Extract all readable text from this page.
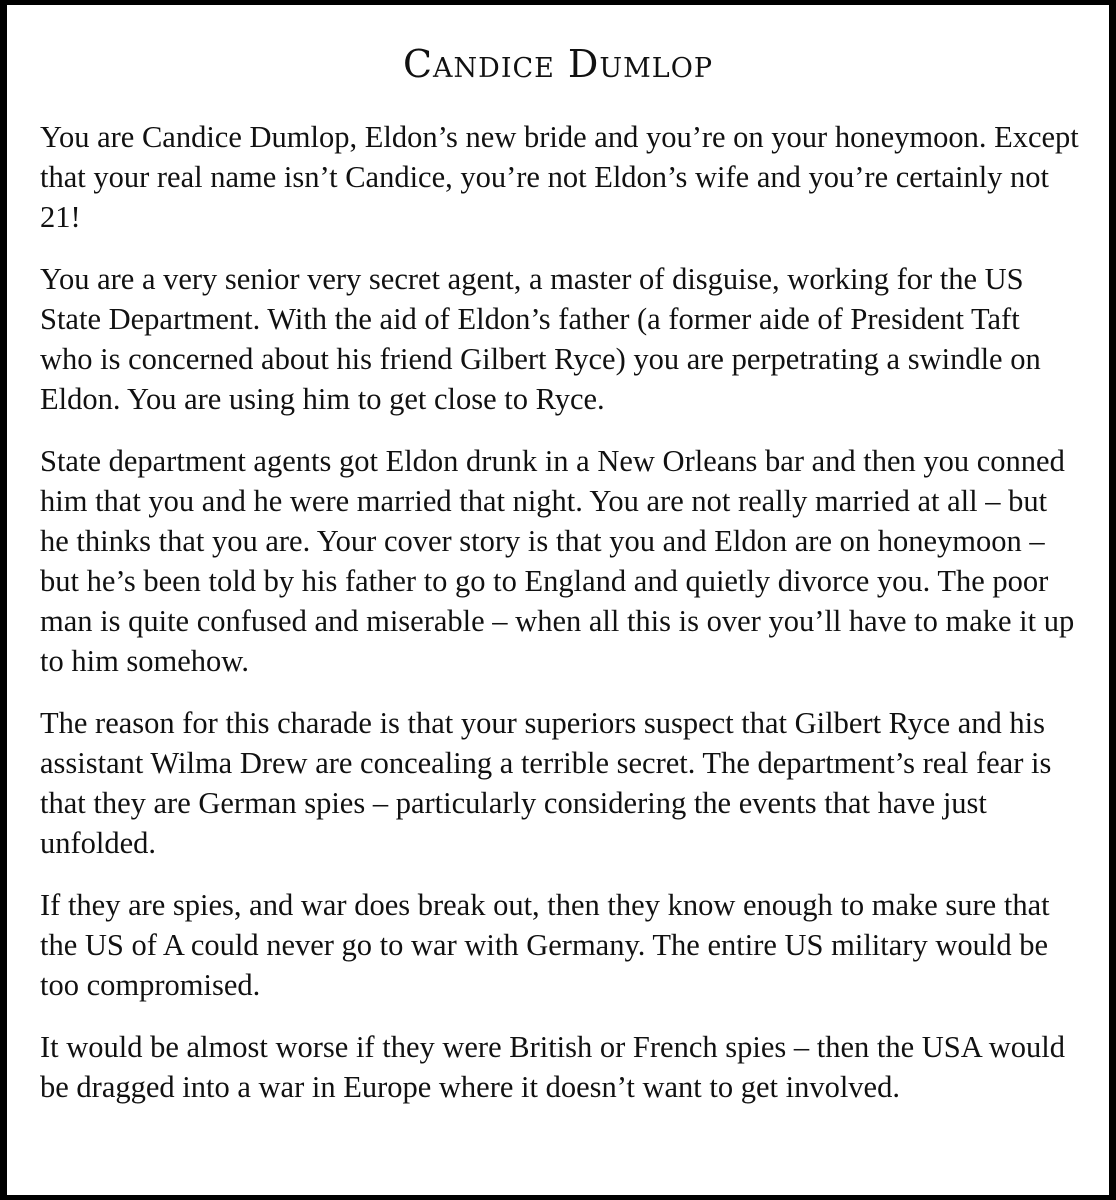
Candice Dumlop

You are Candice Dumlop, Eldon’s new bride and you’re on your honeymoon. Except that your real name isn’t Candice, you’re not Eldon’s wife and you’re certainly not 21!

You are a very senior very secret agent, a master of disguise, working for the US State Department. With the aid of Eldon’s father (a former aide of President Taft who is concerned about his friend Gilbert Ryce) you are perpetrating a swindle on Eldon. You are using him to get close to Ryce.

State department agents got Eldon drunk in a New Orleans bar and then you conned him that you and he were married that night. You are not really married at all – but he thinks that you are. Your cover story is that you and Eldon are on honeymoon – but he’s been told by his father to go to England and quietly divorce you. The poor man is quite confused and miserable – when all this is over you’ll have to make it up to him somehow.

The reason for this charade is that your superiors suspect that Gilbert Ryce and his assistant Wilma Drew are concealing a terrible secret. The department’s real fear is that they are German spies – particularly considering the events that have just unfolded.

If they are spies, and war does break out, then they know enough to make sure that the US of A could never go to war with Germany. The entire US military would be too compromised.

It would be almost worse if they were British or French spies – then the USA would be dragged into a war in Europe where it doesn’t want to get involved.
